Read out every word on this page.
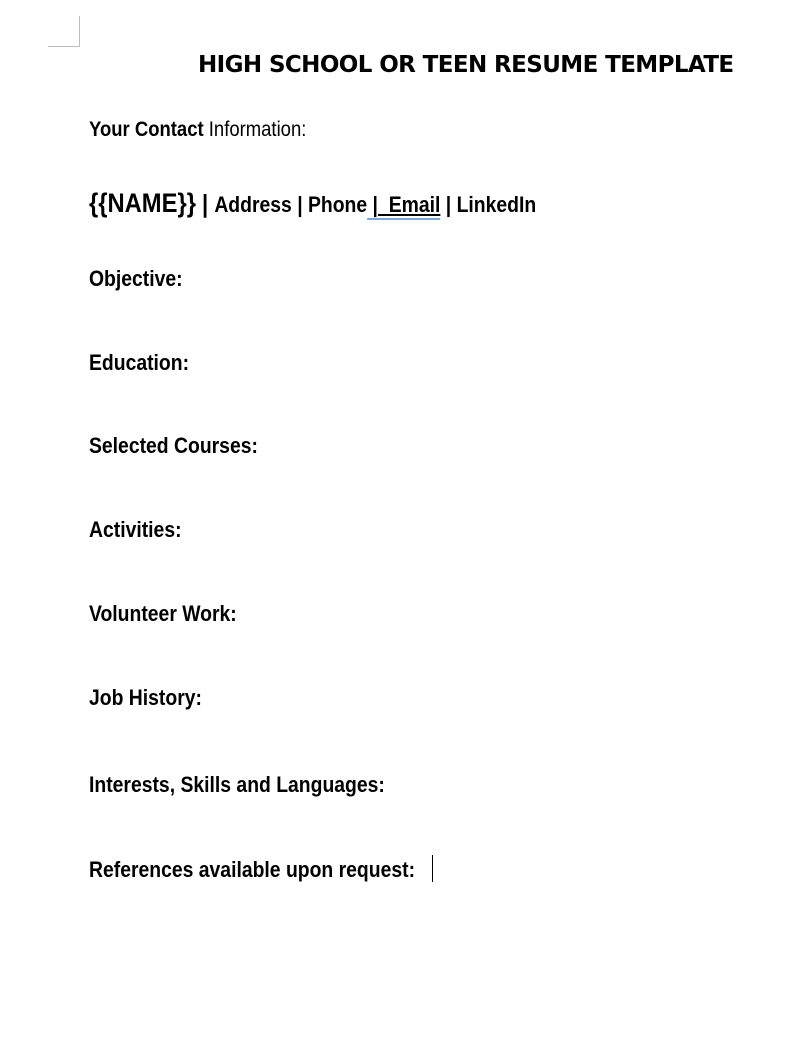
HIGH SCHOOL OR TEEN RESUME TEMPLATE
Your Contact Information:
{{NAME}} | Address | Phone |  Email | LinkedIn
Objective:
Education:
Selected Courses:
Activities:
Volunteer Work:
Job History:
Interests, Skills and Languages:
References available upon request:
